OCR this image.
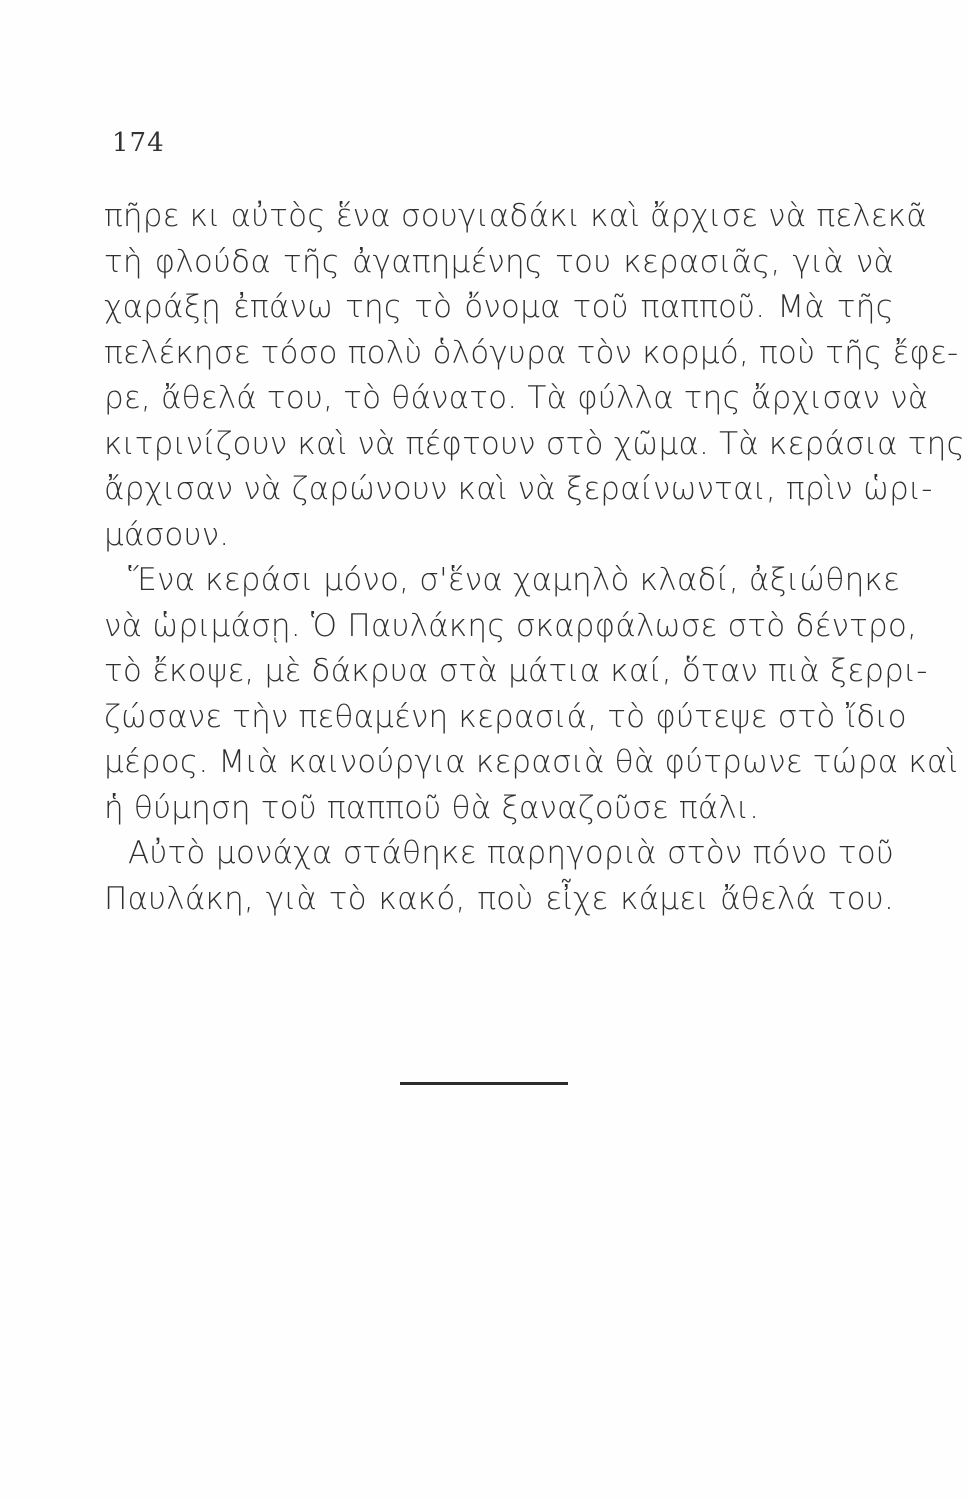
174
πῆρε κι αὐτὸς ἕνα σουγιαδάκι καὶ ἄρχισε νὰ πελεκᾶ
τὴ φλούδα τῆς ἀγαπημένης του κερασιᾶς, γιὰ νὰ
χαράξῃ ἐπάνω της τὸ ὄνομα τοῦ παπποῦ. Μὰ τῆς
πελέκησε τόσο πολὺ ὁλόγυρα τὸν κορμό, ποὺ τῆς ἔφε-
ρε, ἄθελά του, τὸ θάνατο. Τὰ φύλλα της ἄρχισαν νὰ
κιτρινίζουν καὶ νὰ πέφτουν στὸ χῶμα. Τὰ κεράσια της
ἄρχισαν νὰ ζαρώνουν καὶ νὰ ξεραίνωνται, πρὶν ὡρι-
μάσουν.
Ἕνα κεράσι μόνο, σ'ἕνα χαμηλὸ κλαδί, ἀξιώθηκε
νὰ ὡριμάσῃ. Ὁ Παυλάκης σκαρφάλωσε στὸ δέντρο,
τὸ ἔκοψε, μὲ δάκρυα στὰ μάτια καί, ὅταν πιὰ ξερρι-
ζώσανε τὴν πεθαμένη κερασιά, τὸ φύτεψε στὸ ἴδιο
μέρος. Μιὰ καινούργια κερασιὰ θὰ φύτρωνε τώρα καὶ
ἡ θύμηση τοῦ παπποῦ θὰ ξαναζοῦσε πάλι.
Αὐτὸ μονάχα στάθηκε παρηγοριὰ στὸν πόνο τοῦ
Παυλάκη, γιὰ τὸ κακό, ποὺ εἶχε κάμει ἄθελά του.
